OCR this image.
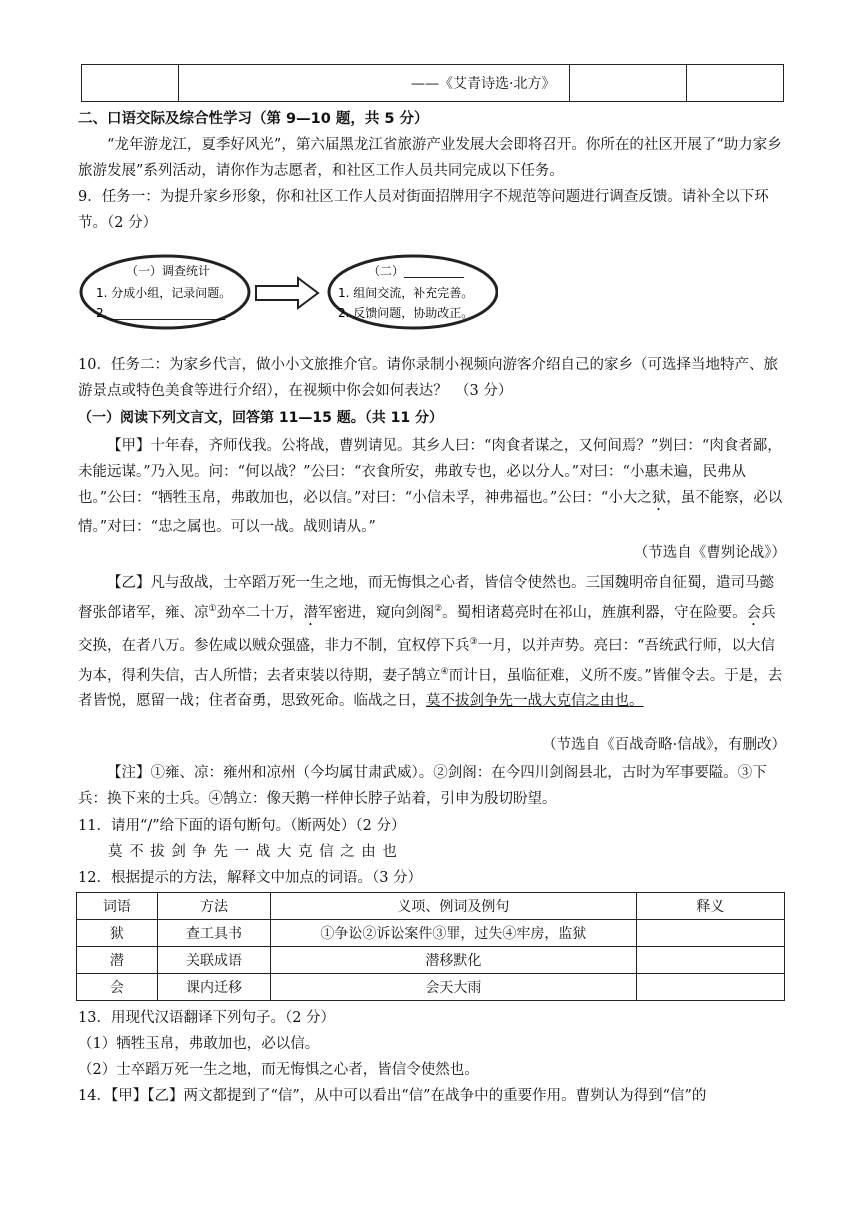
	——《艾青诗选·北方》		
二、口语交际及综合性学习（第 9—10 题，共 5 分）
“龙年游龙江，夏季好风光”，第六届黑龙江省旅游产业发展大会即将召开。你所在的社区开展了“助力家乡旅游发展”系列活动，请你作为志愿者，和社区工作人员共同完成以下任务。
9．任务一：为提升家乡形象，你和社区工作人员对街面招牌用字不规范等问题进行调查反馈。请补全以下环节。（2 分）
（一）调查统计
1. 分成小组，记录问题。
2. ___________________
（二）__________
1. 组间交流，补充完善。
2. 反馈问题，协助改正。
10．任务二：为家乡代言，做小小文旅推介官。请你录制小视频向游客介绍自己的家乡（可选择当地特产、旅游景点或特色美食等进行介绍），在视频中你会如何表达？　（3 分）
（一）阅读下列文言文，回答第 11—15 题。（共 11 分）
【甲】十年春，齐师伐我。公将战，曹刿请见。其乡人曰：“肉食者谋之，又何间焉？”刿曰：“肉食者鄙，未能远谋。”乃入见。问：“何以战？”公曰：“衣食所安，弗敢专也，必以分人。”对曰：“小惠未遍，民弗从也。”公曰：“牺牲玉帛，弗敢加也，必以信。”对曰：“小信未孚，神弗福也。”公曰：“小大之狱，虽不能察，必以情。”对曰：“忠之属也。可以一战。战则请从。”
（节选自《曹刿论战》）
【乙】凡与敌战，士卒蹈万死一生之地，而无悔惧之心者，皆信令使然也。三国魏明帝自征蜀，遣司马懿督张郃诸军，雍、凉①劲卒二十万，潜军密进，窥向剑阁②。蜀相诸葛亮时在祁山，旌旗利器，守在险要。会兵交换，在者八万。参佐咸以贼众强盛，非力不制，宜权停下兵③一月，以并声势。亮曰：“吾统武行师，以大信为本，得利失信，古人所惜；去者束装以待期，妻子鹄立④而计日，虽临征难，义所不废。”皆催令去。于是，去者皆悦，愿留一战；住者奋勇，思致死命。临战之日，莫不拔剑争先一战大克信之由也。
（节选自《百战奇略·信战》，有删改）
【注】①雍、凉：雍州和凉州（今均属甘肃武威）。②剑阁：在今四川剑阁县北，古时为军事要隘。③下兵：换下来的士兵。④鹄立：像天鹅一样伸长脖子站着，引申为殷切盼望。
11．请用“/”给下面的语句断句。（断两处）（2 分）
莫 不 拔 剑 争 先 一 战 大 克 信 之 由 也
12．根据提示的方法，解释文中加点的词语。（3 分）
词语	方法	义项、例词及例句	释义
狱	查工具书	①争讼②诉讼案件③罪，过失④牢房，监狱	
潜	关联成语	潜移默化	
会	课内迁移	会天大雨	
13．用现代汉语翻译下列句子。（2 分）
（1）牺牲玉帛，弗敢加也，必以信。
（2）士卒蹈万死一生之地，而无悔惧之心者，皆信令使然也。
14．【甲】【乙】两文都提到了“信”，从中可以看出“信”在战争中的重要作用。曹刿认为得到“信”的
